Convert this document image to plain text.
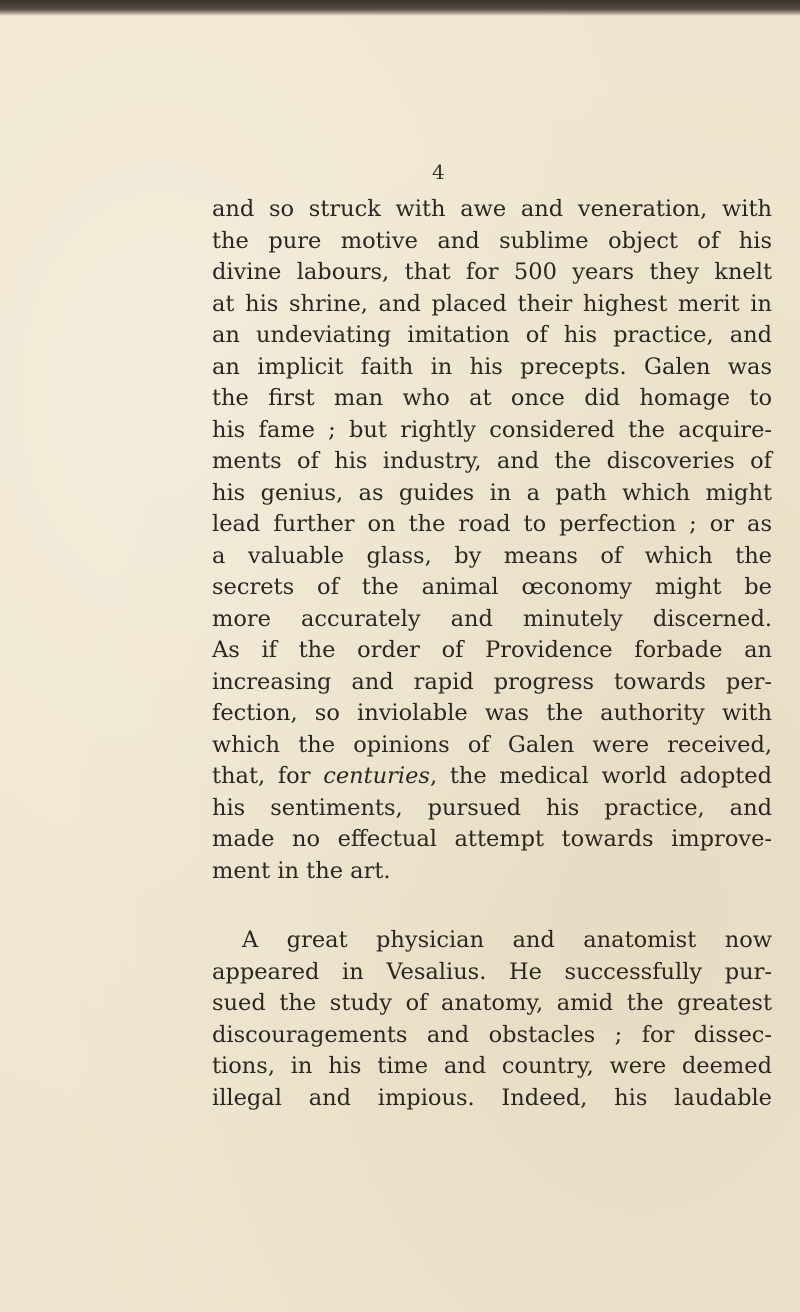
4
and so struck with awe and veneration, with
the pure motive and sublime object of his
divine labours, that for 500 years they knelt
at his shrine, and placed their highest merit in
an undeviating imitation of his practice, and
an implicit faith in his precepts. Galen was
the first man who at once did homage to
his fame ; but rightly considered the acquire-
ments of his industry, and the discoveries of
his genius, as guides in a path which might
lead further on the road to perfection ; or as
a valuable glass, by means of which the
secrets of the animal œconomy might be
more accurately and minutely discerned.
As if the order of Providence forbade an
increasing and rapid progress towards per-
fection, so inviolable was the authority with
which the opinions of Galen were received,
that, for centuries, the medical world adopted
his sentiments, pursued his practice, and
made no effectual attempt towards improve-
ment in the art.
A great physician and anatomist now
appeared in Vesalius. He successfully pur-
sued the study of anatomy, amid the greatest
discouragements and obstacles ; for dissec-
tions, in his time and country, were deemed
illegal and impious. Indeed, his laudable
